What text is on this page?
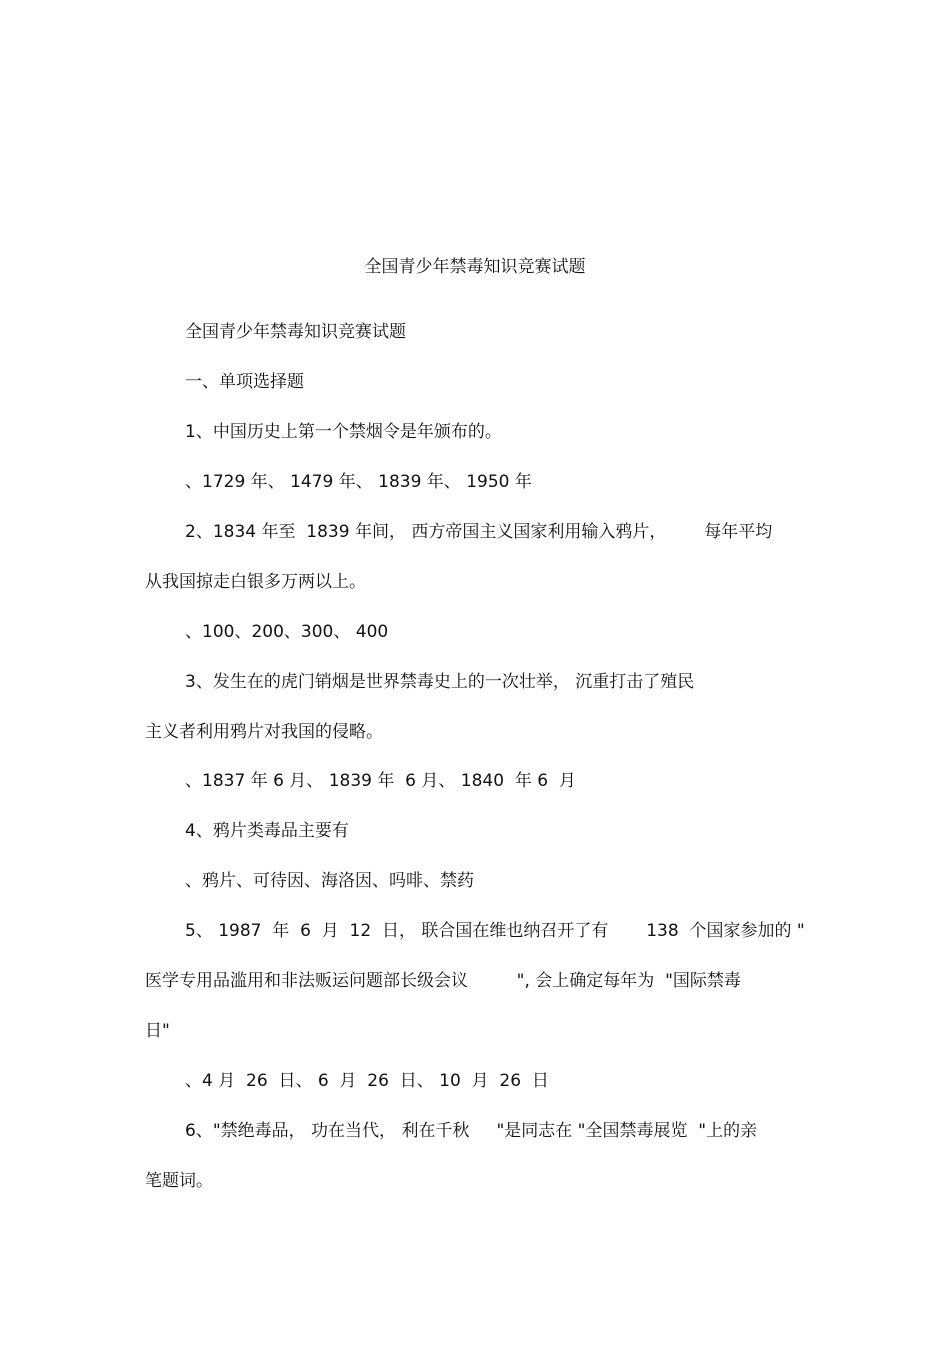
全国青少年禁毒知识竞赛试题
全国青少年禁毒知识竞赛试题
一、单项选择题
1、中国历史上第一个禁烟令是年颁布的。
、1729 年、 1479 年、 1839 年、 1950 年
2、1834 年至  1839 年间， 西方帝国主义国家利用输入鸦片，       每年平均
从我国掠走白银多万两以上。
、100、200、300、 400
3、发生在的虎门销烟是世界禁毒史上的一次壮举， 沉重打击了殖民
主义者利用鸦片对我国的侵略。
、1837 年 6 月、 1839 年  6 月、 1840  年 6  月
4、鸦片类毒品主要有
、鸦片、可待因、海洛因、吗啡、禁药
5、 1987  年  6  月  12  日， 联合国在维也纳召开了有       138  个国家参加的 "
医学专用品滥用和非法贩运问题部长级会议         ", 会上确定每年为  "国际禁毒
日"
、4 月  26  日、 6  月  26  日、 10  月  26  日
6、"禁绝毒品， 功在当代， 利在千秋     "是同志在 "全国禁毒展览  "上的亲
笔题词。
